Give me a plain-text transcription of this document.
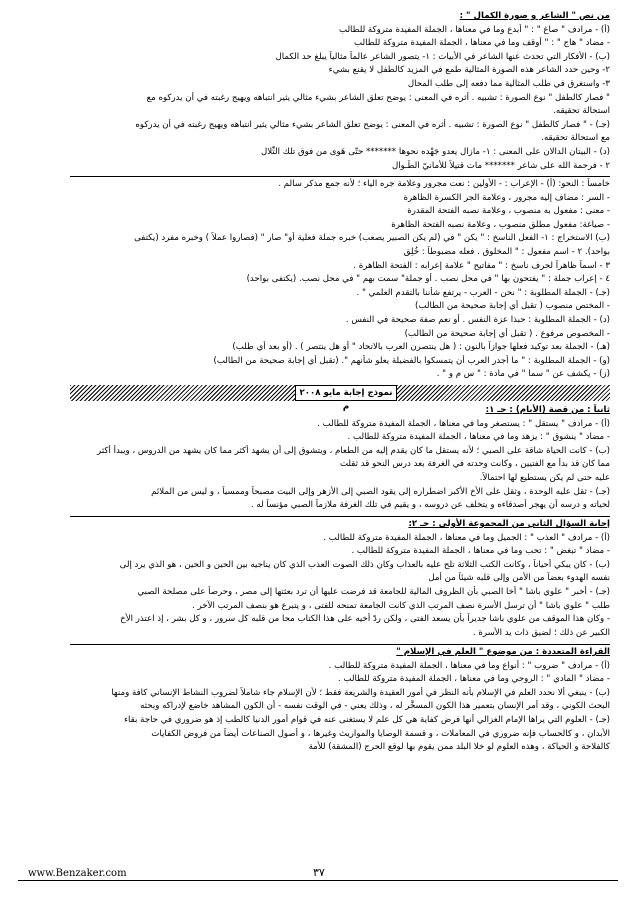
من نص " الشاعر و صورة الكمال " :
(أ) - مرادف " صاغ " : " أبدع وما في معناها ، الجملة المفيدة متروكة للطالب
- مضاد " هاج " : " أوقف وما في معناها ، الجملة المفيدة متروكة للطالب
(ب) - الأفكار التي تحدث عنها الشاعر في الأبيات : ١- يتصور الشاعر عالماً مثالياً يبلغ حد الكمال
٢- وحين حدد الشاعر هذه الصورة المثالية طمع في المزيد كالطفل لا يقنع بشيء
٣- واستغرق في طلب المثالية مما دفعه إلى طلب المحال
" فصار كالطفل " نوع الصورة : تشبيه . أثره في المعنى : يوضح تعلق الشاعر بشيء مثالي يثير انتباهه ويهيج رغبته في أن يدركوه مع
استحالة تحقيقه.
(جـ) - " فصار كالطفل " نوع الصورة : تشبيه . أثره في المعنى : يوضح تعلق الشاعر بشيء مثالي يثير انتباهه ويهيج رغبته في أن يدركوه
مع استحالة تحقيقه.
(د) - البيتان الدالان على المعنى : ١- مازال يعدو جَهْده نحوها ******* حتّى هَوى من فوق تلك التِّلال
٢ - فرحمة الله على شاعر ******* مات قتيلاً للأمانيّ الطِّـوال
خامساً : النحو: (أ) - الإعراب : - الأولين : نعت مجرور وعلامة جره الياء ؛ لأنه جمع مذكر سالم .
- السر : مضاف إليه مجرور ، وعلامة الجر الكسرة الظاهرة
- معنى : مفعول به منصوب ، وعلامة نصبه الفتحة المقدرة
- صياغة: مفعول مطلق منصوب ، وعلامة نصبه الفتحة الظاهرة
(ب) الاستخراج : ١- الفعل الناسخ : " يكن " في (لم يكن الصبير يصعب) خبره جملة فعلية أو" صار " (فصاروا عملاً ) وخبره مفرد (يكتفى
بواحد). ٢ - اسم مفعول : " المخلوق . فعله مضبوطاً : خُلِق
٣ - اسماً ظاهراً لحرف ناسخ : " مفاتيح " علامة إعرابه : الفتحة الظاهرة .
٤ - إعراب جملة : " يفتحون بها " في محل نصب . أو جملة" سمت بهم " في محل نصب. (يكتفى بواحد)
(جـ) - الجملة المطلوبة : " نحن - العرب - يرتفع شأننا بالتقدم العلمي " .
- المختص منصوب ( تقبل أي إجابة صحيحة من الطالب)
(د) - الجملة المطلوبة : حبذا عزة النفس . أو نعم صفة صحيحة في النفس .
- المخصوص مرفوع . ( تقبل أي إجابة صحيحة من الطالب)
(هـ) - الجملة بعد توكيد فعلها جوازاً بالنون : ( هل ينتصرن العرب بالاتحاد " أو هل ينتصر ) . (أو بعد أي طلب)
(و) - الجملة المطلوبة : " ما أجدر العرب أن يتمسكوا بالفضيلة يعلو شأنهم ". (تقبل أي إجابة صحيحة من الطالب)
(ز) - يكشف عن " سما " في مادة : " س م و " .
نموذج إجابة مايو ٢٠٠٨ م	ثانياً : من قصة (الأيام) : جـ ١:
(أ) - مرادف " يستقل " : يستصغر وما في معناها ، الجملة المفيدة متروكة للطالب .
- مضاد " ينشوق " : يزهد وما في معناها ، الجملة المفيدة متروكة للطالب .
(ب) - كانت الحياة شاقة على الصبي ؛ لأنه يستقل ما كان يقدم إليه من الطعام ، ويتشوق إلى أن يشهد أكثر مما كان يشهد من الدروس ، ويبدأ أكثر
مما كان قد بدأ مع الفتيين ، وكانت وحدته في الغرفة بعد درس النحو قد ثقلت
عليه حتى لم يكن يستطيع لها احتمالاً.
(جـ) - ثقل عليه الوحدة ، وثقل على الأخ الأكبر اضطراره إلى يقود الصبي إلى الأزهر وإلى البيت مصبحاً وممسياً ، و ليس من الملائم
لحياته و درسه أن يهجر أصدقاءه و يتخلف عن دروسه ، و يقيم في تلك الغرفة ملازماً الصبي مؤنساً له .
إجابة السؤال الثاني من المجموعة الأولى : جـ ٢:
(أ) - مرادف " العذب " : الجميل وما في معناها ، الجملة المفيدة متروكة للطالب .
- مضاد " تبغض " : تحب وما في معناها ، الجملة المفيدة متروكة للطالب .
(ب) - كان يبكي أحياناً ، وكانت الكتب الثلاثة تلح عليه بالعذاب وكان ذلك الصوت العذب الذي كان يناجيه بين الحين و الحين ، هو الذي يرد إلى
نفسه الهدوء بعضاً من الأمن وإلى قلبه شيئاً من أمل
(جـ) - أخبر " علوي باشا " أخا الصبي بأن الظروف المالية للجامعة قد فرضت عليها أن ترد بعثتها إلى مصر ، وحرصاً على مصلحة الصبي
طلب " علوي باشا " أن ترسل الأسرة نصف المرتب الذي كانت الجامعة تمنحه للفتى ، و يتبرع هو بنصف المرتب الآخر .
- وكان هذا الموقف من علوي باشا جديراً بأن يسعد الفتى ، ولكن ردّ أخيه على هذا الكتاب محا من قلبه كل سرور ، و كل بشر ، إذ اعتذر الأخ
الكبير عن ذلك ؛ لضيق ذات يد الأسرة .
القراءة المتعددة : من موضوع " العلم في الإسلام "
(أ) - مرادف " ضروب " : أنواع وما في معناها ، الجملة المفيدة متروكة للطالب .
- مضاد " المادي " : الروحي وما في معناها ، الجملة المفيدة متروكة للطالب .
(ب) - ينبغي ألا نحدد العلم في الإسلام بأنه النظر في أمور العقيدة والشريعة فقط ؛ لأن الإسلام جاء شاملاً لضروب النشاط الإنساني كافة ومنها
البحث الكوني ، وقد أمر الإنسان بتعمير هذا الكون المسخَّر له ، وذلك يعني - في الوقت نفسه - أن الكون المشاهد خاضع لإدراكه وبحثه
(جـ) - العلوم التي يراها الإمام الغزالي أنها فرض كفاية هي كل علم لا يستغنى عنه في قوام أمور الدنيا كالطب إذ هو ضروري في حاجة بقاء
الأبدان ، و كالحساب فإنه ضروري في المعاملات ، و قسمة الوصايا والمواريث وغيرها ، و أصول الصناعات أيضاً من فروض الكفايات
كالفلاحة و الحياكة ، وهذه العلوم لو خلا البلد ممن يقوم بها لوقع الحرج (المشقة) للأمة
www.Benzaker.com	٣٧
